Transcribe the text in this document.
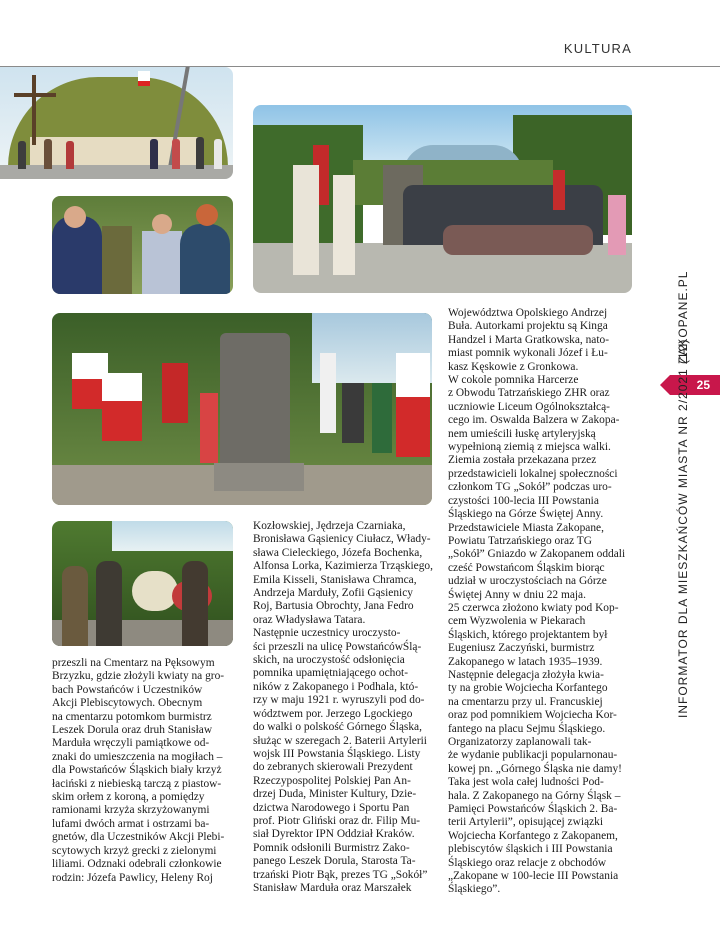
KULTURA
przeszli na Cmentarz na Pęksowym
Brzyzku, gdzie złożyli kwiaty na gro-
bach Powstańców i Uczestników
Akcji Plebiscytowych. Obecnym
na cmentarzu potomkom burmistrz
Leszek Dorula oraz druh Stanisław
Marduła wręczyli pamiątkowe od-
znaki do umieszczenia na mogiłach –
dla Powstańców Śląskich biały krzyż
łaciński z niebieską tarczą z piastow-
skim orłem z koroną, a pomiędzy
ramionami krzyża skrzyżowanymi
lufami dwóch armat i ostrzami ba-
gnetów, dla Uczestników Akcji Plebi-
scytowych krzyż grecki z zielonymi
liliami. Odznaki odebrali członkowie
rodzin: Józefa Pawlicy, Heleny Roj
Kozłowskiej, Jędrzeja Czarniaka,
Bronisława Gąsienicy Ciułacz, Włady-
sława Cieleckiego, Józefa Bochenka,
Alfonsa Lorka, Kazimierza Trząskiego,
Emila Kisseli, Stanisława Chramca,
Andrzeja Marduły, Zofii Gąsienicy
Roj, Bartusia Obrochty, Jana Fedro
oraz Władysława Tatara.
Następnie uczestnicy uroczysto-
ści przeszli na ulicę PowstańcówŚlą-
skich, na uroczystość odsłonięcia
pomnika upamiętniającego ochot-
ników z Zakopanego i Podhala, któ-
rzy w maju 1921 r. wyruszyli pod do-
wództwem por. Jerzego Lgockiego
do walki o polskość Górnego Śląska,
służąc w szeregach 2. Baterii Artylerii
wojsk III Powstania Śląskiego. Listy
do zebranych skierowali Prezydent
Rzeczypospolitej Polskiej Pan An-
drzej Duda, Minister Kultury, Dzie-
dzictwa Narodowego i Sportu Pan
prof. Piotr Gliński oraz dr. Filip Mu-
siał Dyrektor IPN Oddział Kraków.
Pomnik odsłonili Burmistrz Zako-
panego Leszek Dorula, Starosta Ta-
trzański Piotr Bąk, prezes TG „Sokół”
Stanisław Marduła oraz Marszałek
Województwa Opolskiego Andrzej
Buła. Autorkami projektu są Kinga
Handzel i Marta Gratkowska, nato-
miast pomnik wykonali Józef i Łu-
kasz Kęskowie z Gronkowa.
W cokole pomnika Harcerze
z Obwodu Tatrzańskiego ZHR oraz
uczniowie Liceum Ogólnokształcą-
cego im. Oswalda Balzera w Zakopa-
nem umieścili łuskę artyleryjską
wypełnioną ziemią z miejsca walki.
Ziemia została przekazana przez
przedstawicieli lokalnej społeczności
członkom TG „Sokół” podczas uro-
czystości 100-lecia III Powstania
Śląskiego na Górze Świętej Anny.
Przedstawiciele Miasta Zakopane,
Powiatu Tatrzańskiego oraz TG
„Sokół” Gniazdo w Zakopanem oddali
cześć Powstańcom Śląskim biorąc
udział w uroczystościach na Górze
Świętej Anny w dniu 22 maja.
25 czerwca złożono kwiaty pod Kop-
cem Wyzwolenia w Piekarach
Śląskich, którego projektantem był
Eugeniusz Zaczyński, burmistrz
Zakopanego w latach 1935–1939.
Następnie delegacja złożyła kwia-
ty na grobie Wojciecha Korfantego
na cmentarzu przy ul. Francuskiej
oraz pod pomnikiem Wojciecha Kor-
fantego na placu Sejmu Śląskiego.
Organizatorzy zaplanowali tak-
że wydanie publikacji popularnonau-
kowej pn. „Górnego Śląska nie damy!
Taka jest wola całej ludności Pod-
hala. Z Zakopanego na Górny Śląsk –
Pamięci Powstańców Śląskich 2. Ba-
terii Artylerii”, opisującej związki
Wojciecha Korfantego z Zakopanem,
plebiscytów śląskich i III Powstania
Śląskiego oraz relacje z obchodów
„Zakopane w 100-lecie III Powstania
Śląskiego”.
25
ZAKOPANE.PL
INFORMATOR DLA MIESZKAŃCÓW MIASTA NR 2/2021 (12)
